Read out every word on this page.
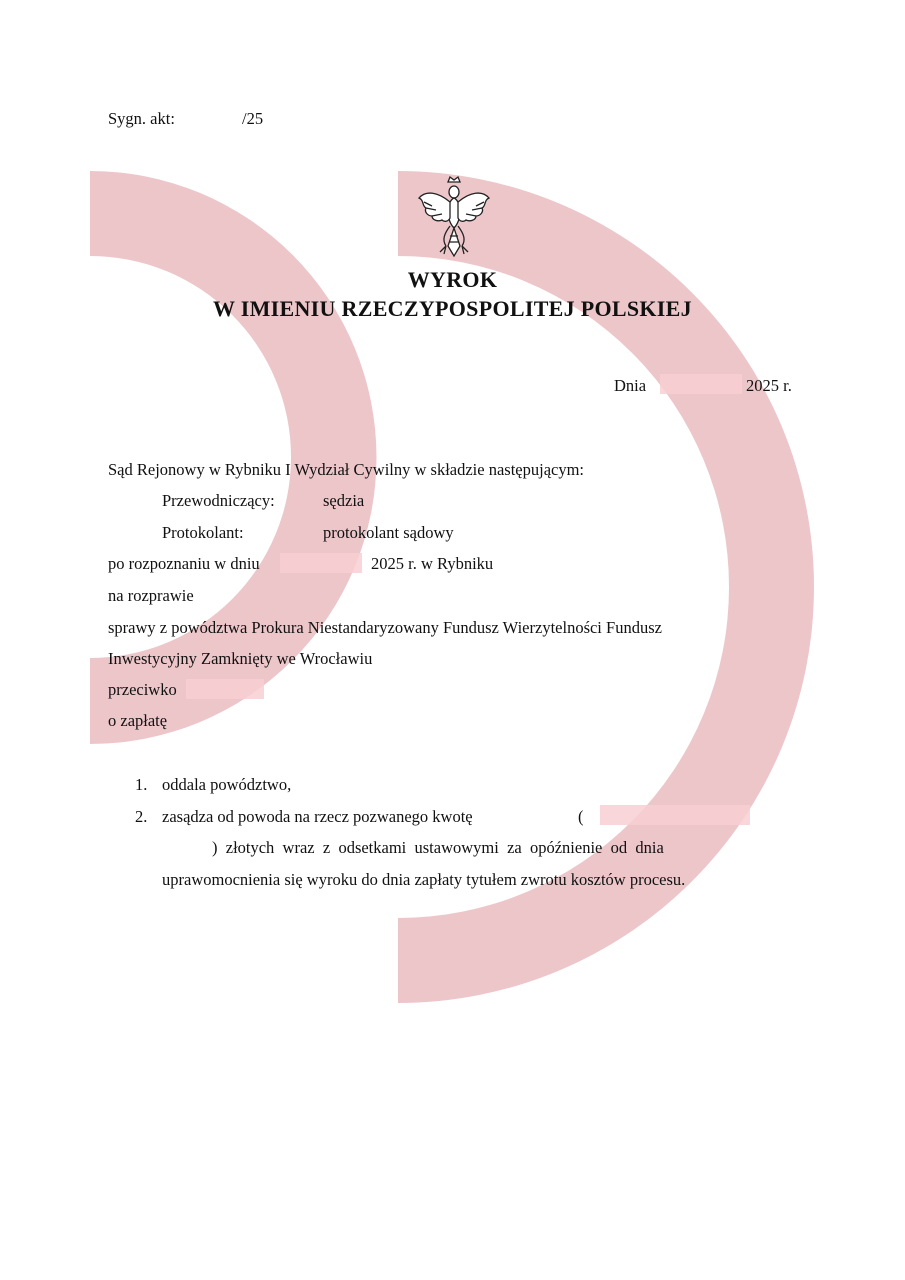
Sygn. akt:	/25
WYROK
W IMIENIU RZECZYPOSPOLITEJ POLSKIEJ
Dnia	2025 r.
Sąd Rejonowy w Rybniku I Wydział Cywilny w składzie następującym:
Przewodniczący:	sędzia
Protokolant:	protokolant sądowy
po rozpoznaniu w dniu	2025 r. w Rybniku
na rozprawie
sprawy z powództwa Prokura Niestandaryzowany Fundusz Wierzytelności Fundusz
Inwestycyjny Zamknięty we Wrocławiu
przeciwko
o zapłatę
1. oddala powództwo,
2. zasądza od powoda na rzecz pozwanego kwotę	(
)  złotych  wraz  z  odsetkami  ustawowymi  za  opóźnienie  od  dnia
uprawomocnienia się wyroku do dnia zapłaty tytułem zwrotu kosztów procesu.
